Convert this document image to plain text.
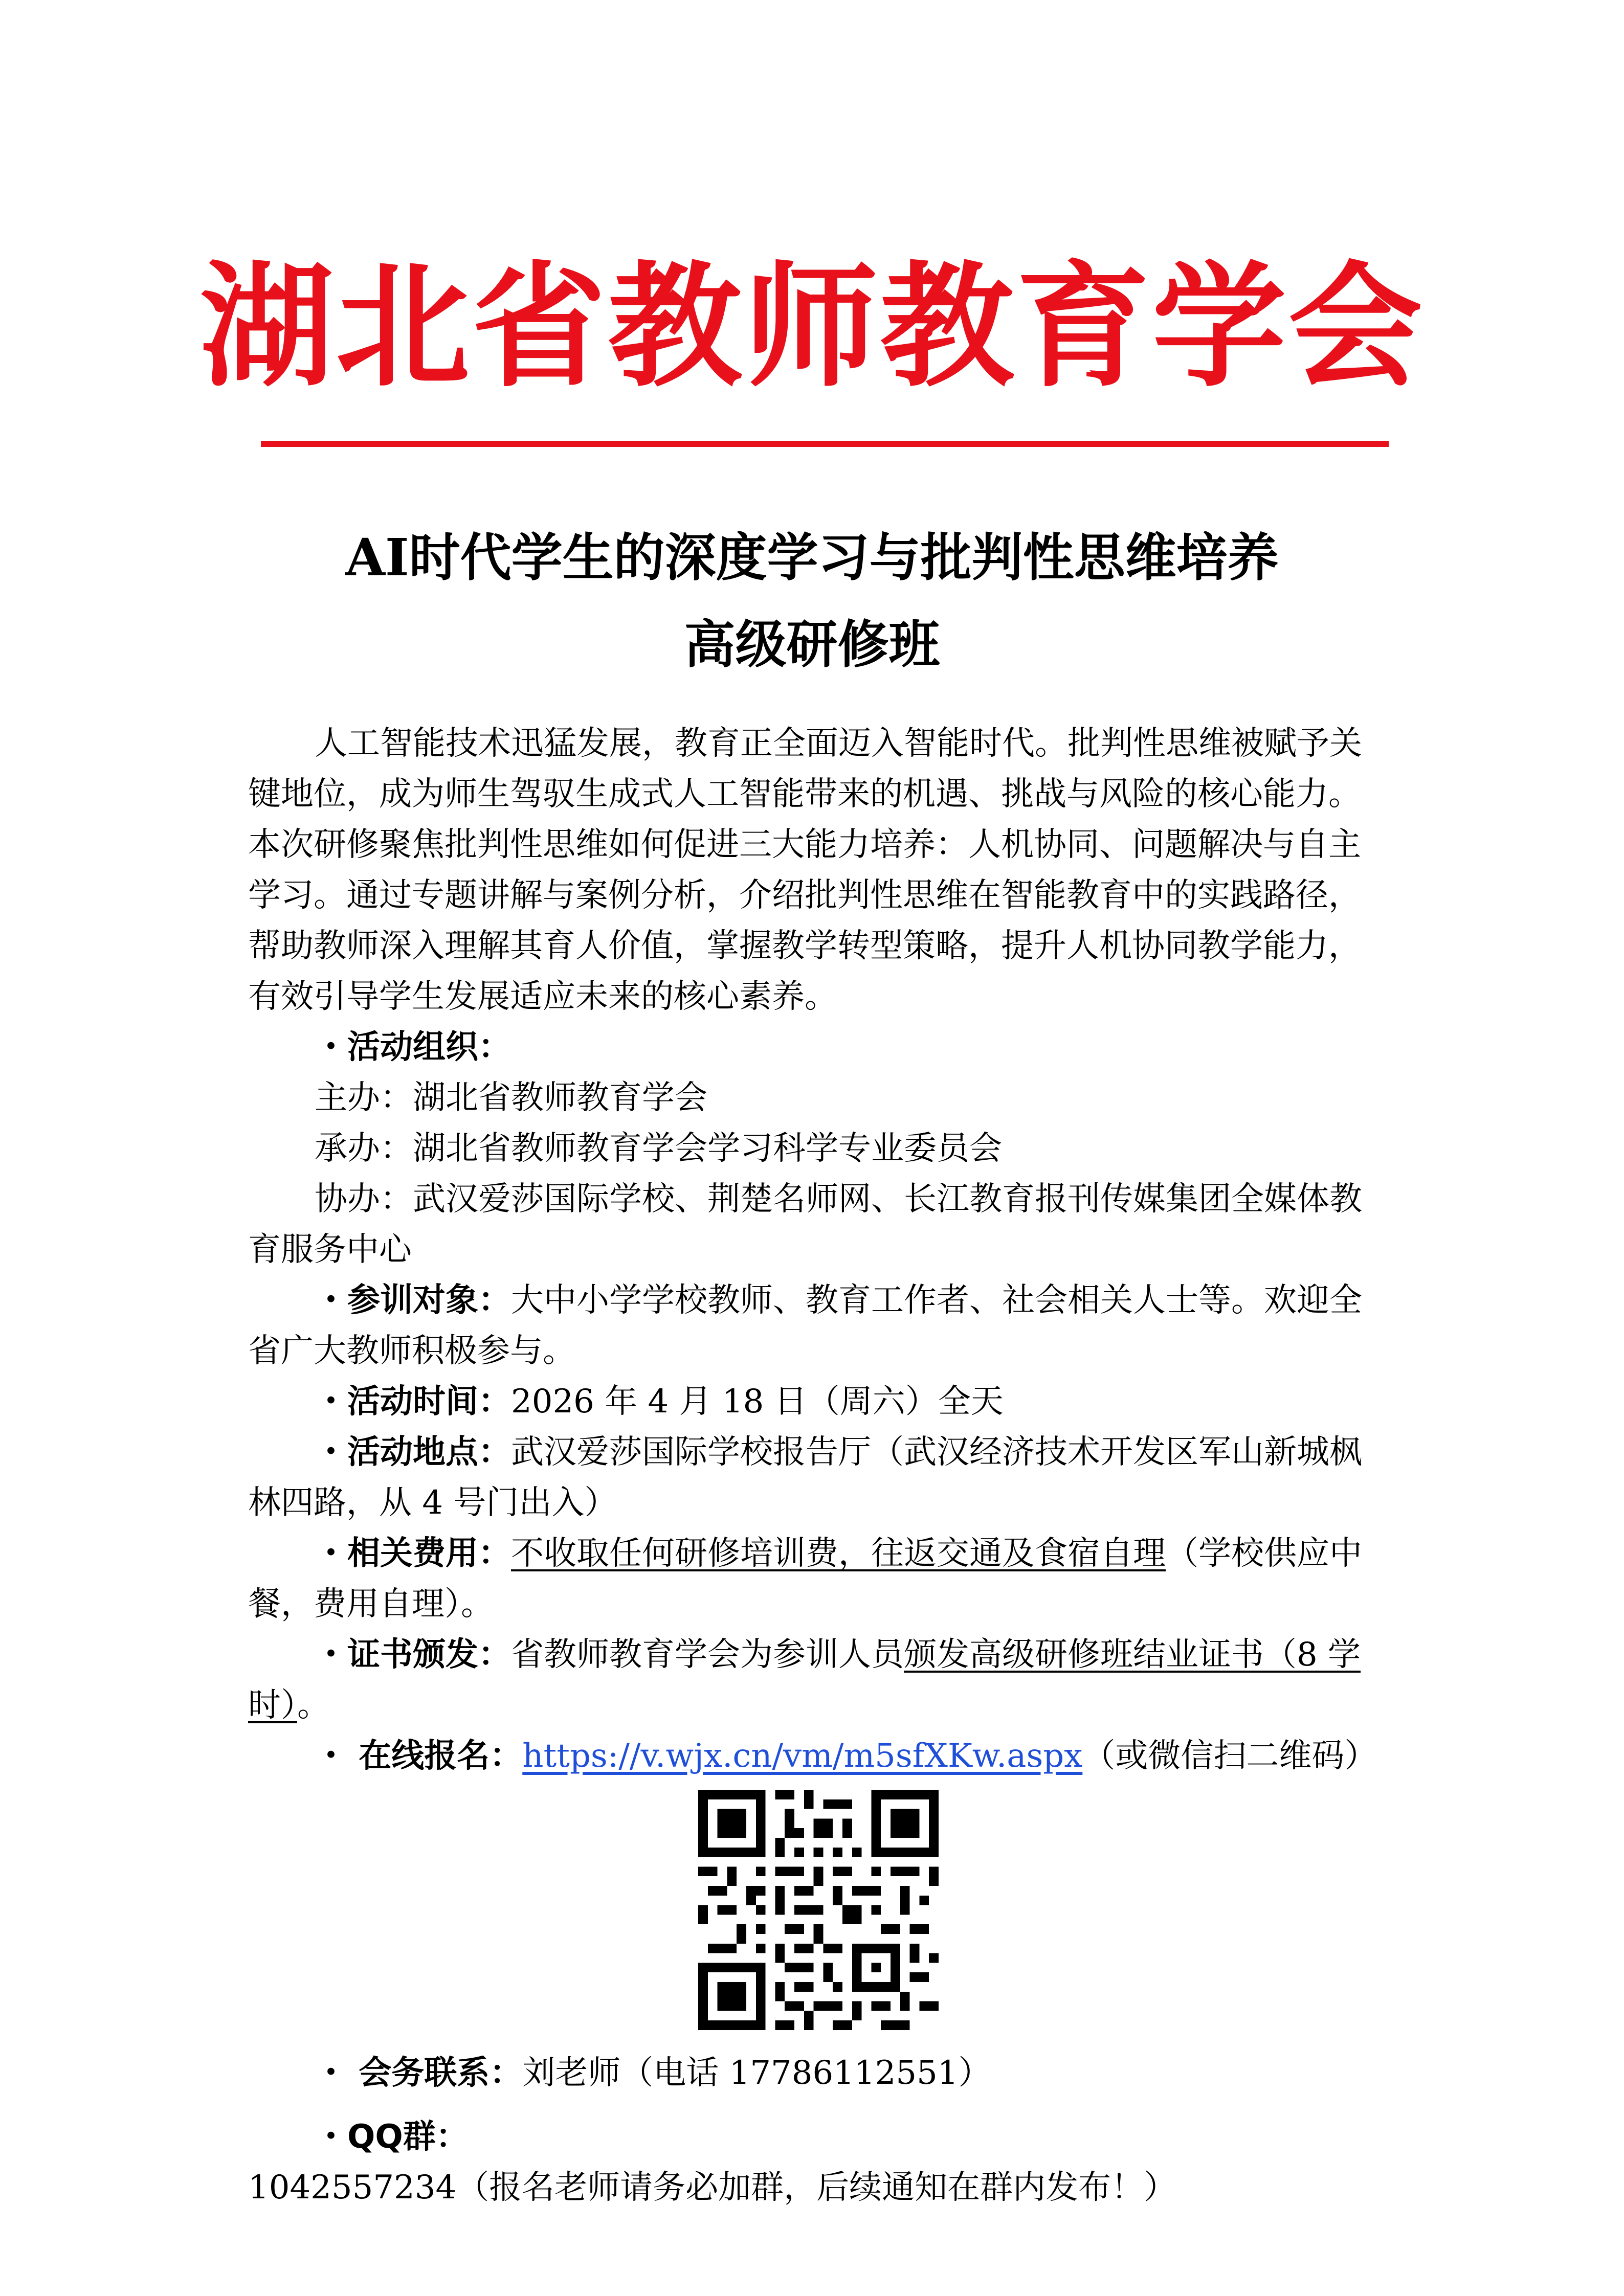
湖北省教师教育学会
AI时代学生的深度学习与批判性思维培养
高级研修班

人工智能技术迅猛发展，教育正全面迈入智能时代。批判性思维被赋予关键地位，成为师生驾驭生成式人工智能带来的机遇、挑战与风险的核心能力。本次研修聚焦批判性思维如何促进三大能力培养：人机协同、问题解决与自主学习。通过专题讲解与案例分析，介绍批判性思维在智能教育中的实践路径，帮助教师深入理解其育人价值，掌握教学转型策略，提升人机协同教学能力，有效引导学生发展适应未来的核心素养。

・活动组织：

主办：湖北省教师教育学会

承办：湖北省教师教育学会学习科学专业委员会

协办：武汉爱莎国际学校、荆楚名师网、长江教育报刊传媒集团全媒体教育服务中心

・参训对象：大中小学学校教师、教育工作者、社会相关人士等。欢迎全省广大教师积极参与。

・活动时间：2026 年 4 月 18 日（周六）全天

・活动地点：武汉爱莎国际学校报告厅（武汉经济技术开发区军山新城枫林四路，从 4 号门出入）

・相关费用：不收取任何研修培训费，往返交通及食宿自理（学校供应中餐，费用自理）。

・证书颁发：省教师教育学会为参训人员颁发高级研修班结业证书（8 学时）。

・ 在线报名：https://v.wjx.cn/vm/m5sfXKw.aspx（或微信扫二维码）

・ 会务联系：刘老师（电话 17786112551）

・QQ群：1042557234（报名老师请务必加群，后续通知在群内发布！）
